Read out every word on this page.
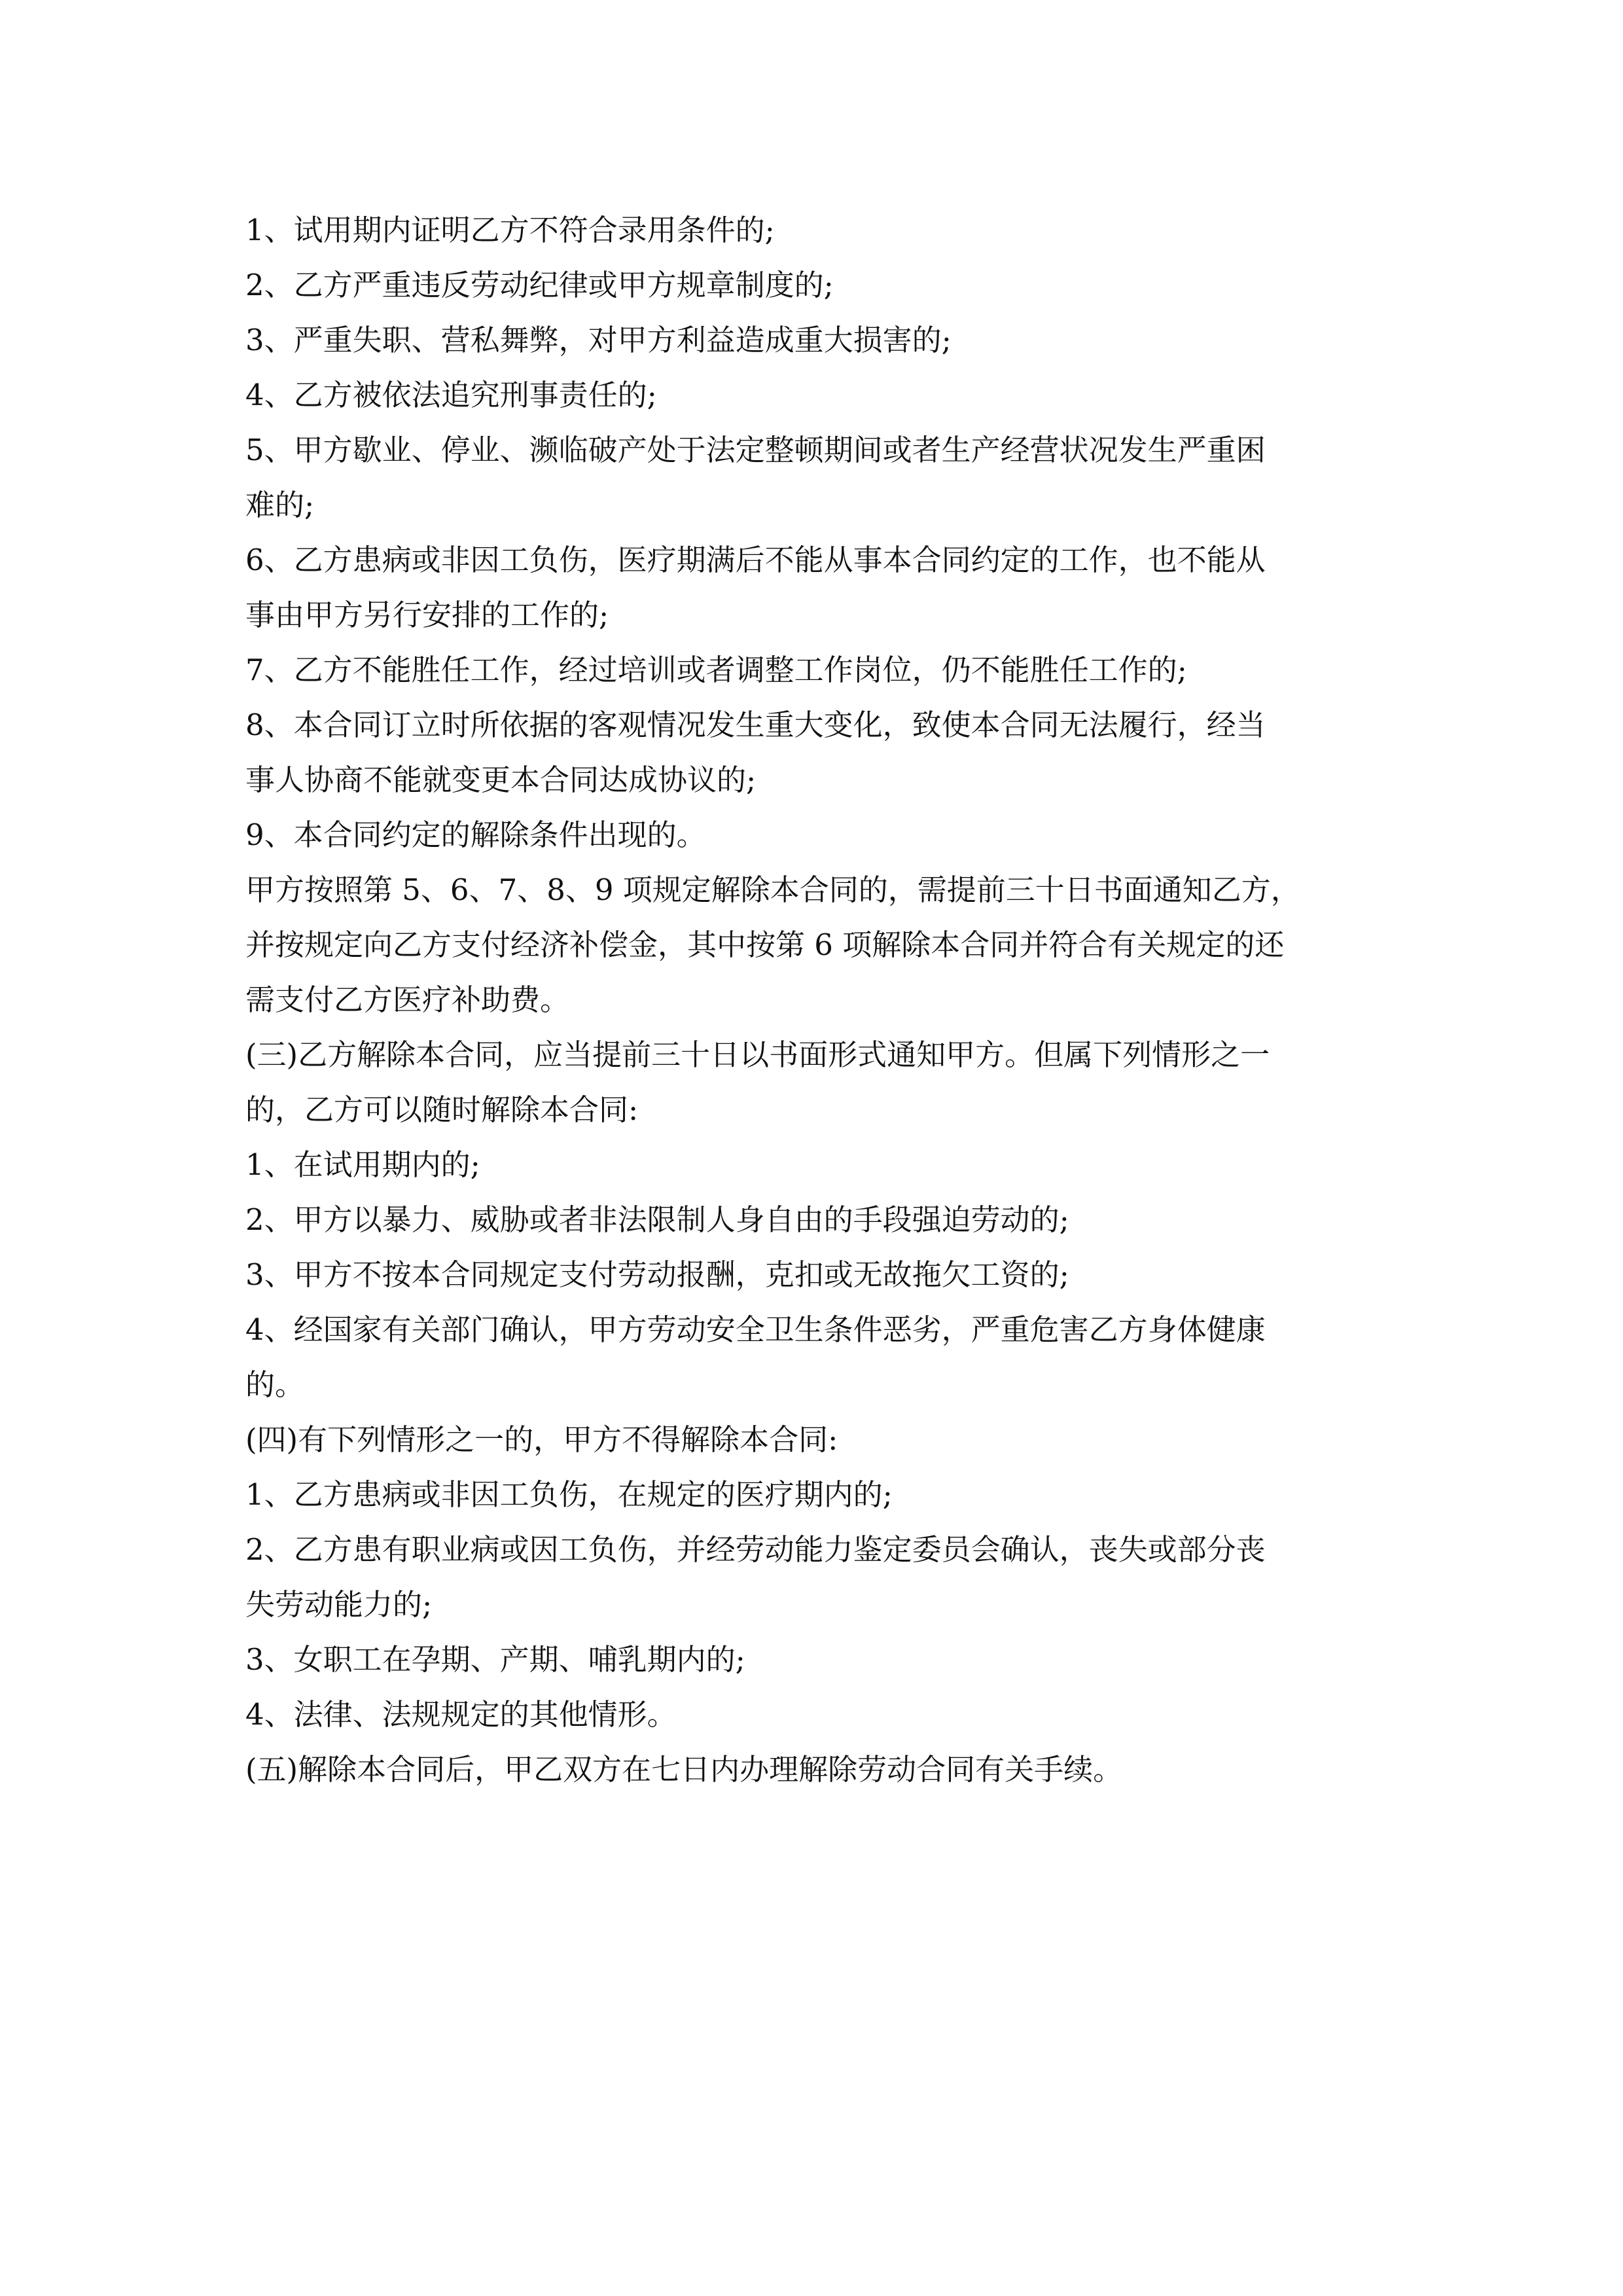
1、试用期内证明乙方不符合录用条件的;
2、乙方严重违反劳动纪律或甲方规章制度的;
3、严重失职、营私舞弊，对甲方利益造成重大损害的;
4、乙方被依法追究刑事责任的;
5、甲方歇业、停业、濒临破产处于法定整顿期间或者生产经营状况发生严重困
难的;
6、乙方患病或非因工负伤，医疗期满后不能从事本合同约定的工作，也不能从
事由甲方另行安排的工作的;
7、乙方不能胜任工作，经过培训或者调整工作岗位，仍不能胜任工作的;
8、本合同订立时所依据的客观情况发生重大变化，致使本合同无法履行，经当
事人协商不能就变更本合同达成协议的;
9、本合同约定的解除条件出现的。
甲方按照第 5、6、7、8、9 项规定解除本合同的，需提前三十日书面通知乙方，
并按规定向乙方支付经济补偿金，其中按第 6 项解除本合同并符合有关规定的还
需支付乙方医疗补助费。
(三)乙方解除本合同，应当提前三十日以书面形式通知甲方。但属下列情形之一
的，乙方可以随时解除本合同:
1、在试用期内的;
2、甲方以暴力、威胁或者非法限制人身自由的手段强迫劳动的;
3、甲方不按本合同规定支付劳动报酬，克扣或无故拖欠工资的;
4、经国家有关部门确认，甲方劳动安全卫生条件恶劣，严重危害乙方身体健康
的。
(四)有下列情形之一的，甲方不得解除本合同:
1、乙方患病或非因工负伤，在规定的医疗期内的;
2、乙方患有职业病或因工负伤，并经劳动能力鉴定委员会确认，丧失或部分丧
失劳动能力的;
3、女职工在孕期、产期、哺乳期内的;
4、法律、法规规定的其他情形。
(五)解除本合同后，甲乙双方在七日内办理解除劳动合同有关手续。
